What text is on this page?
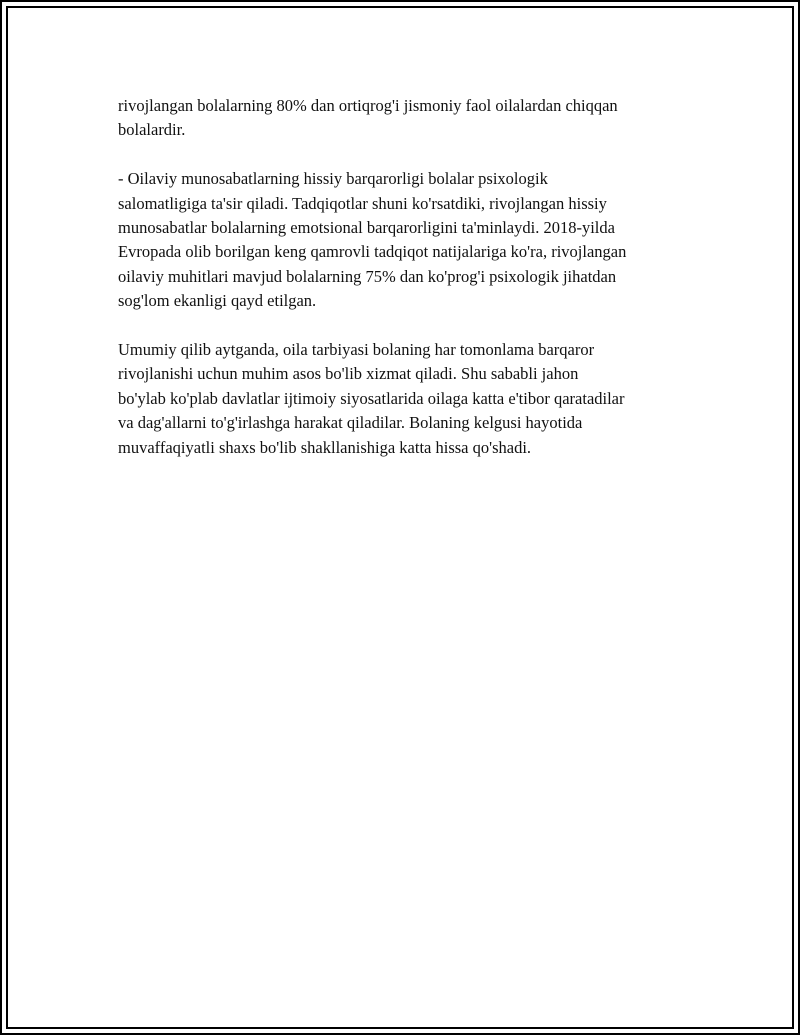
rivojlangan bolalarning 80% dan ortiqrog'i jismoniy faol oilalardan chiqqan
bolalardir.

- Oilaviy munosabatlarning hissiy barqarorligi bolalar psixologik
salomatligiga ta'sir qiladi. Tadqiqotlar shuni ko'rsatdiki, rivojlangan hissiy
munosabatlar bolalarning emotsional barqarorligini ta'minlaydi. 2018-yilda
Evropada olib borilgan keng qamrovli tadqiqot natijalariga ko'ra, rivojlangan
oilaviy muhitlari mavjud bolalarning 75% dan ko'prog'i psixologik jihatdan
sog'lom ekanligi qayd etilgan.

Umumiy qilib aytganda, oila tarbiyasi bolaning har tomonlama barqaror
rivojlanishi uchun muhim asos bo'lib xizmat qiladi. Shu sababli jahon
bo'ylab ko'plab davlatlar ijtimoiy siyosatlarida oilaga katta e'tibor qaratadilar
va dag'allarni to'g'irlashga harakat qiladilar. Bolaning kelgusi hayotida
muvaffaqiyatli shaxs bo'lib shakllanishiga katta hissa qo'shadi.
